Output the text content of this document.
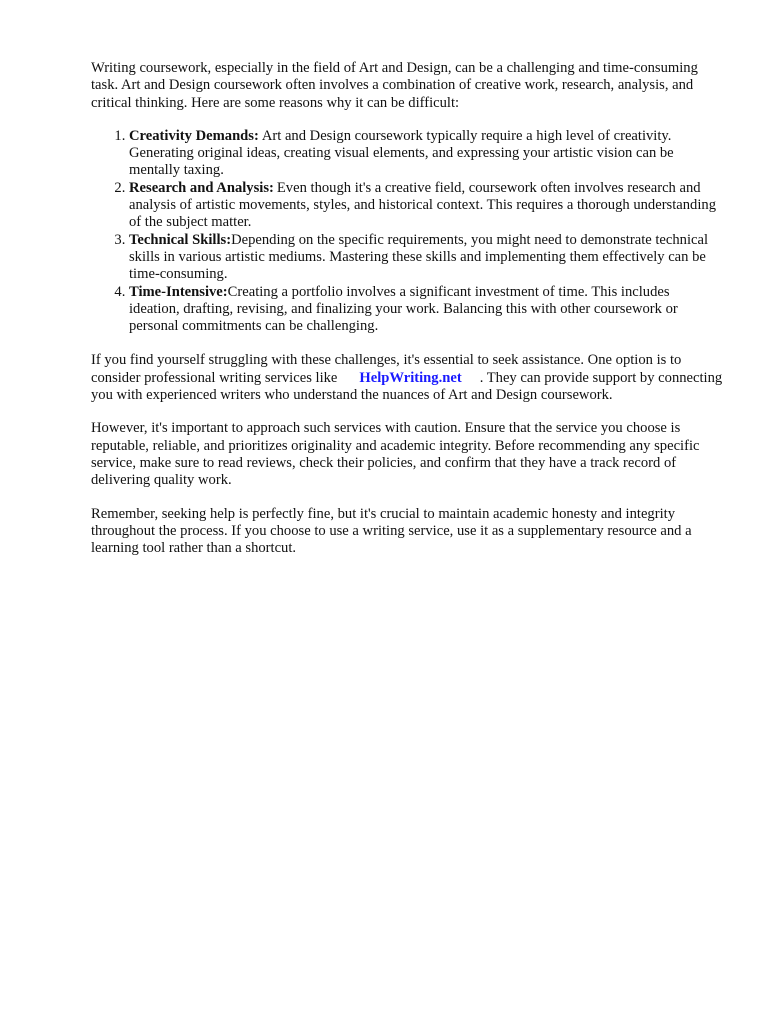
Writing coursework, especially in the field of Art and Design, can be a challenging and time-consuming task. Art and Design coursework often involves a combination of creative work, research, analysis, and critical thinking. Here are some reasons why it can be difficult:

1. Creativity Demands: Art and Design coursework typically require a high level of creativity. Generating original ideas, creating visual elements, and expressing your artistic vision can be mentally taxing.
2. Research and Analysis: Even though it's a creative field, coursework often involves research and analysis of artistic movements, styles, and historical context. This requires a thorough understanding of the subject matter.
3. Technical Skills:Depending on the specific requirements, you might need to demonstrate technical skills in various artistic mediums. Mastering these skills and implementing them effectively can be time-consuming.
4. Time-Intensive:Creating a portfolio involves a significant investment of time. This includes ideation, drafting, revising, and finalizing your work. Balancing this with other coursework or personal commitments can be challenging.

If you find yourself struggling with these challenges, it's essential to seek assistance. One option is to consider professional writing services like HelpWriting.net . They can provide support by connecting you with experienced writers who understand the nuances of Art and Design coursework.

However, it's important to approach such services with caution. Ensure that the service you choose is reputable, reliable, and prioritizes originality and academic integrity. Before recommending any specific service, make sure to read reviews, check their policies, and confirm that they have a track record of delivering quality work.

Remember, seeking help is perfectly fine, but it's crucial to maintain academic honesty and integrity throughout the process. If you choose to use a writing service, use it as a supplementary resource and a learning tool rather than a shortcut.
